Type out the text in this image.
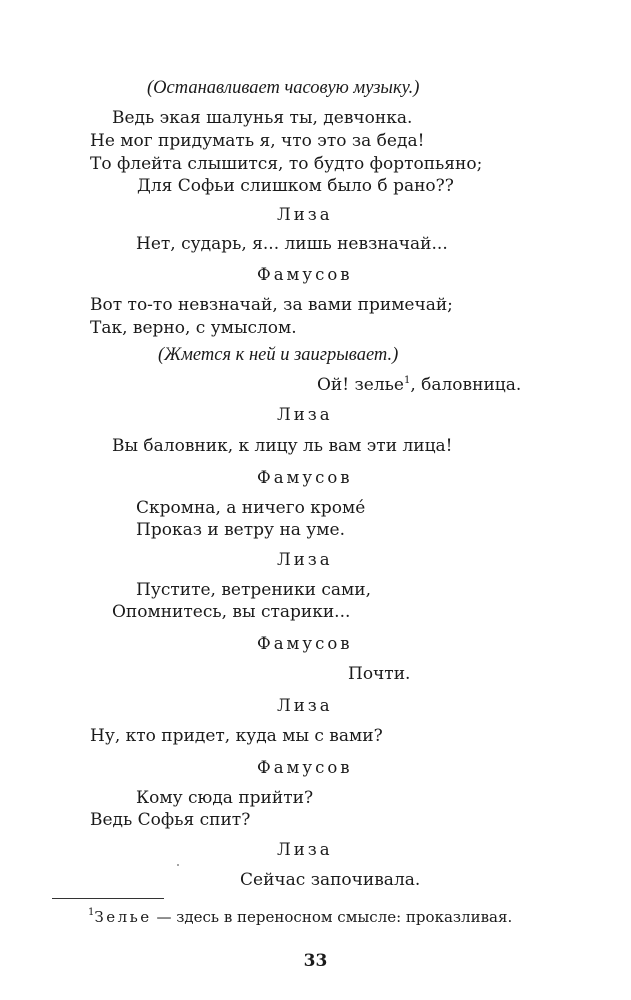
(Останавливает часовую музыку.)
Ведь экая шалунья ты, девчонка.
Не мог придумать я, что это за беда!
То флейта слышится, то будто фортопьяно;
Для Софьи слишком было б рано??
Лиза
Нет, сударь, я... лишь невзначай...
Фамусов
Вот то-то невзначай, за вами примечай;
Так, верно, с умыслом.
(Жмется к ней и заигрывает.)
Ой! зелье$^1$, баловница.
Лиза
Вы баловник, к лицу ль вам эти лица!
Фамусов
Скромна, а ничего кромé
Проказ и ветру на уме.
Лиза
Пустите, ветреники сами,
Опомнитесь, вы старики...
Фамусов
Почти.
Лиза
Ну, кто придет, куда мы с вами?
Фамусов
Кому сюда прийти?
Ведь Софья спит?
Лиза
Сейчас започивала.
$^1$Зелье — здесь в переносном смысле: проказливая.
33
